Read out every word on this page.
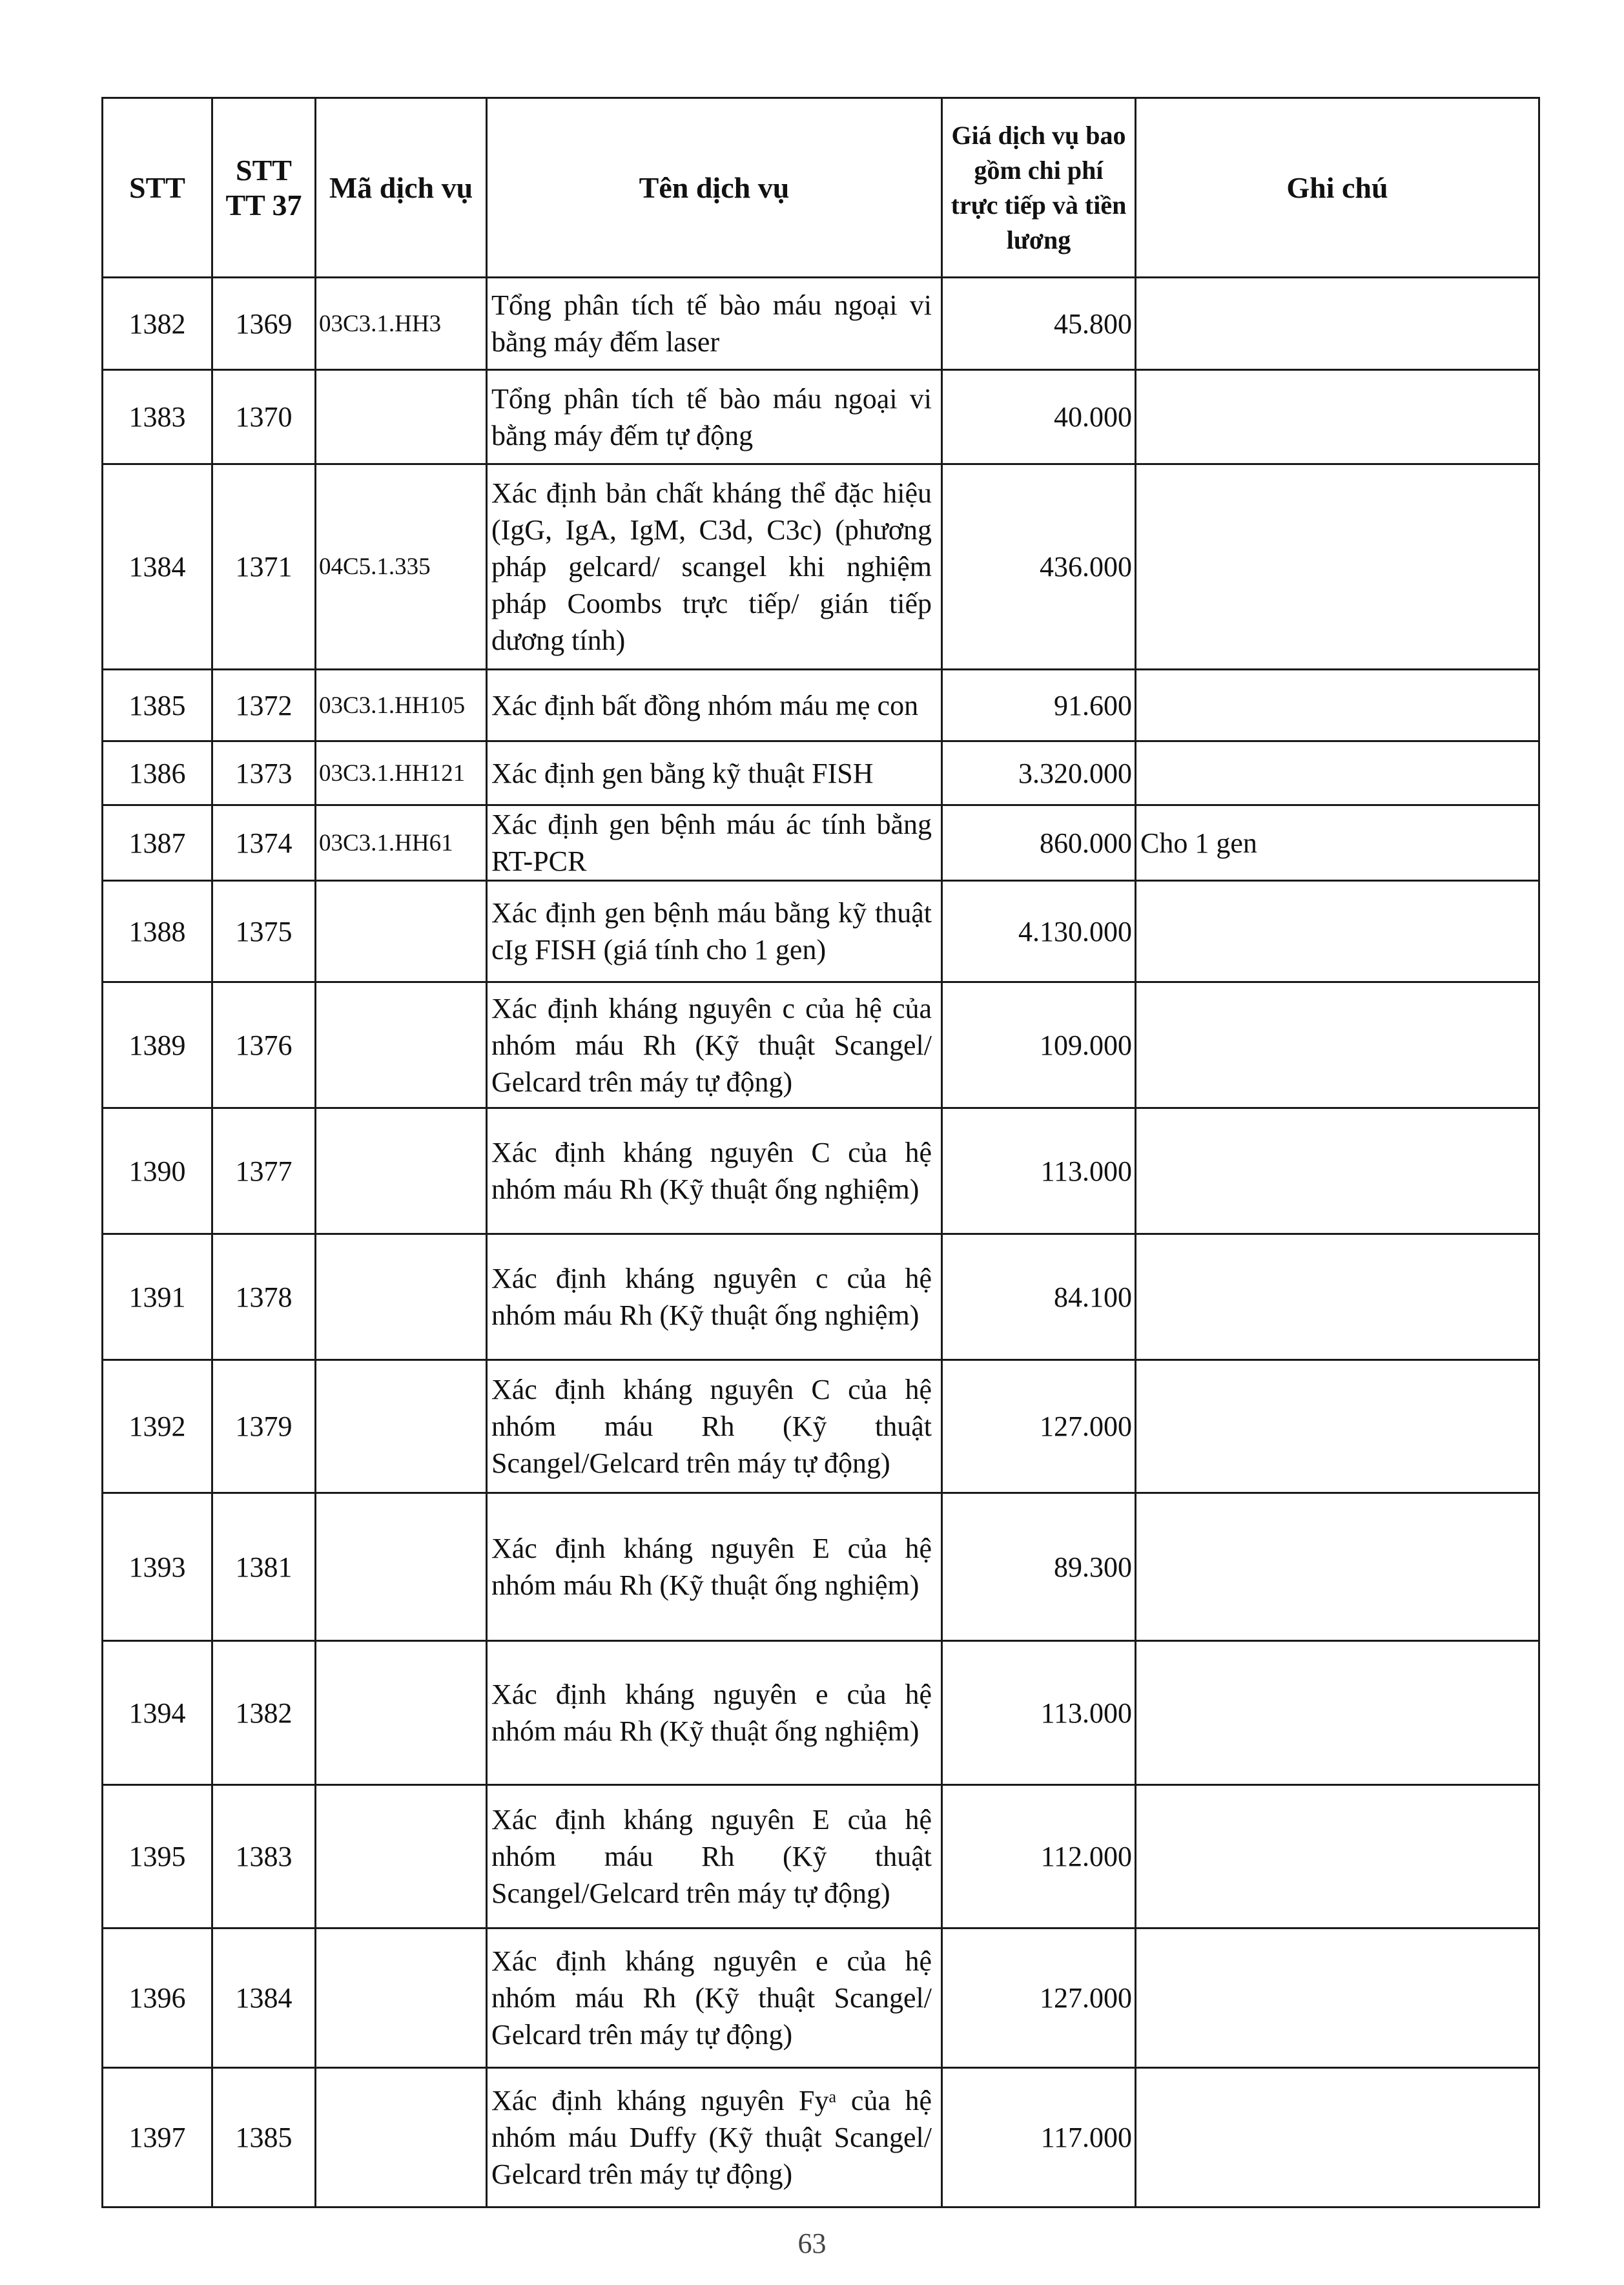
STT	STT TT 37	Mã dịch vụ	Tên dịch vụ	Giá dịch vụ bao gồm chi phí trực tiếp và tiền lương	Ghi chú
1382	1369	03C3.1.HH3	Tổng phân tích tế bào máu ngoại vi bằng máy đếm laser	45.800	
1383	1370		Tổng phân tích tế bào máu ngoại vi bằng máy đếm tự động	40.000	
1384	1371	04C5.1.335	Xác định bản chất kháng thể đặc hiệu (IgG, IgA, IgM, C3d, C3c) (phương pháp gelcard/ scangel khi nghiệm pháp Coombs trực tiếp/ gián tiếp dương tính)	436.000	
1385	1372	03C3.1.HH105	Xác định bất đồng nhóm máu mẹ con	91.600	
1386	1373	03C3.1.HH121	Xác định gen bằng kỹ thuật FISH	3.320.000	
1387	1374	03C3.1.HH61	Xác định gen bệnh máu ác tính bằng RT-PCR	860.000	Cho 1 gen
1388	1375		Xác định gen bệnh máu bằng kỹ thuật cIg FISH (giá tính cho 1 gen)	4.130.000	
1389	1376		Xác định kháng nguyên c của hệ của nhóm máu Rh (Kỹ thuật Scangel/ Gelcard trên máy tự động)	109.000	
1390	1377		Xác định kháng nguyên C của hệ nhóm máu Rh (Kỹ thuật ống nghiệm)	113.000	
1391	1378		Xác định kháng nguyên c của hệ nhóm máu Rh (Kỹ thuật ống nghiệm)	84.100	
1392	1379		Xác định kháng nguyên C của hệ nhóm máu Rh (Kỹ thuật Scangel/Gelcard trên máy tự động)	127.000	
1393	1381		Xác định kháng nguyên E của hệ nhóm máu Rh (Kỹ thuật ống nghiệm)	89.300	
1394	1382		Xác định kháng nguyên e của hệ nhóm máu Rh (Kỹ thuật ống nghiệm)	113.000	
1395	1383		Xác định kháng nguyên E của hệ nhóm máu Rh (Kỹ thuật Scangel/Gelcard trên máy tự động)	112.000	
1396	1384		Xác định kháng nguyên e của hệ nhóm máu Rh (Kỹ thuật Scangel/ Gelcard trên máy tự động)	127.000	
1397	1385		Xác định kháng nguyên Fyᵃ của hệ nhóm máu Duffy (Kỹ thuật Scangel/ Gelcard trên máy tự động)	117.000	
63
